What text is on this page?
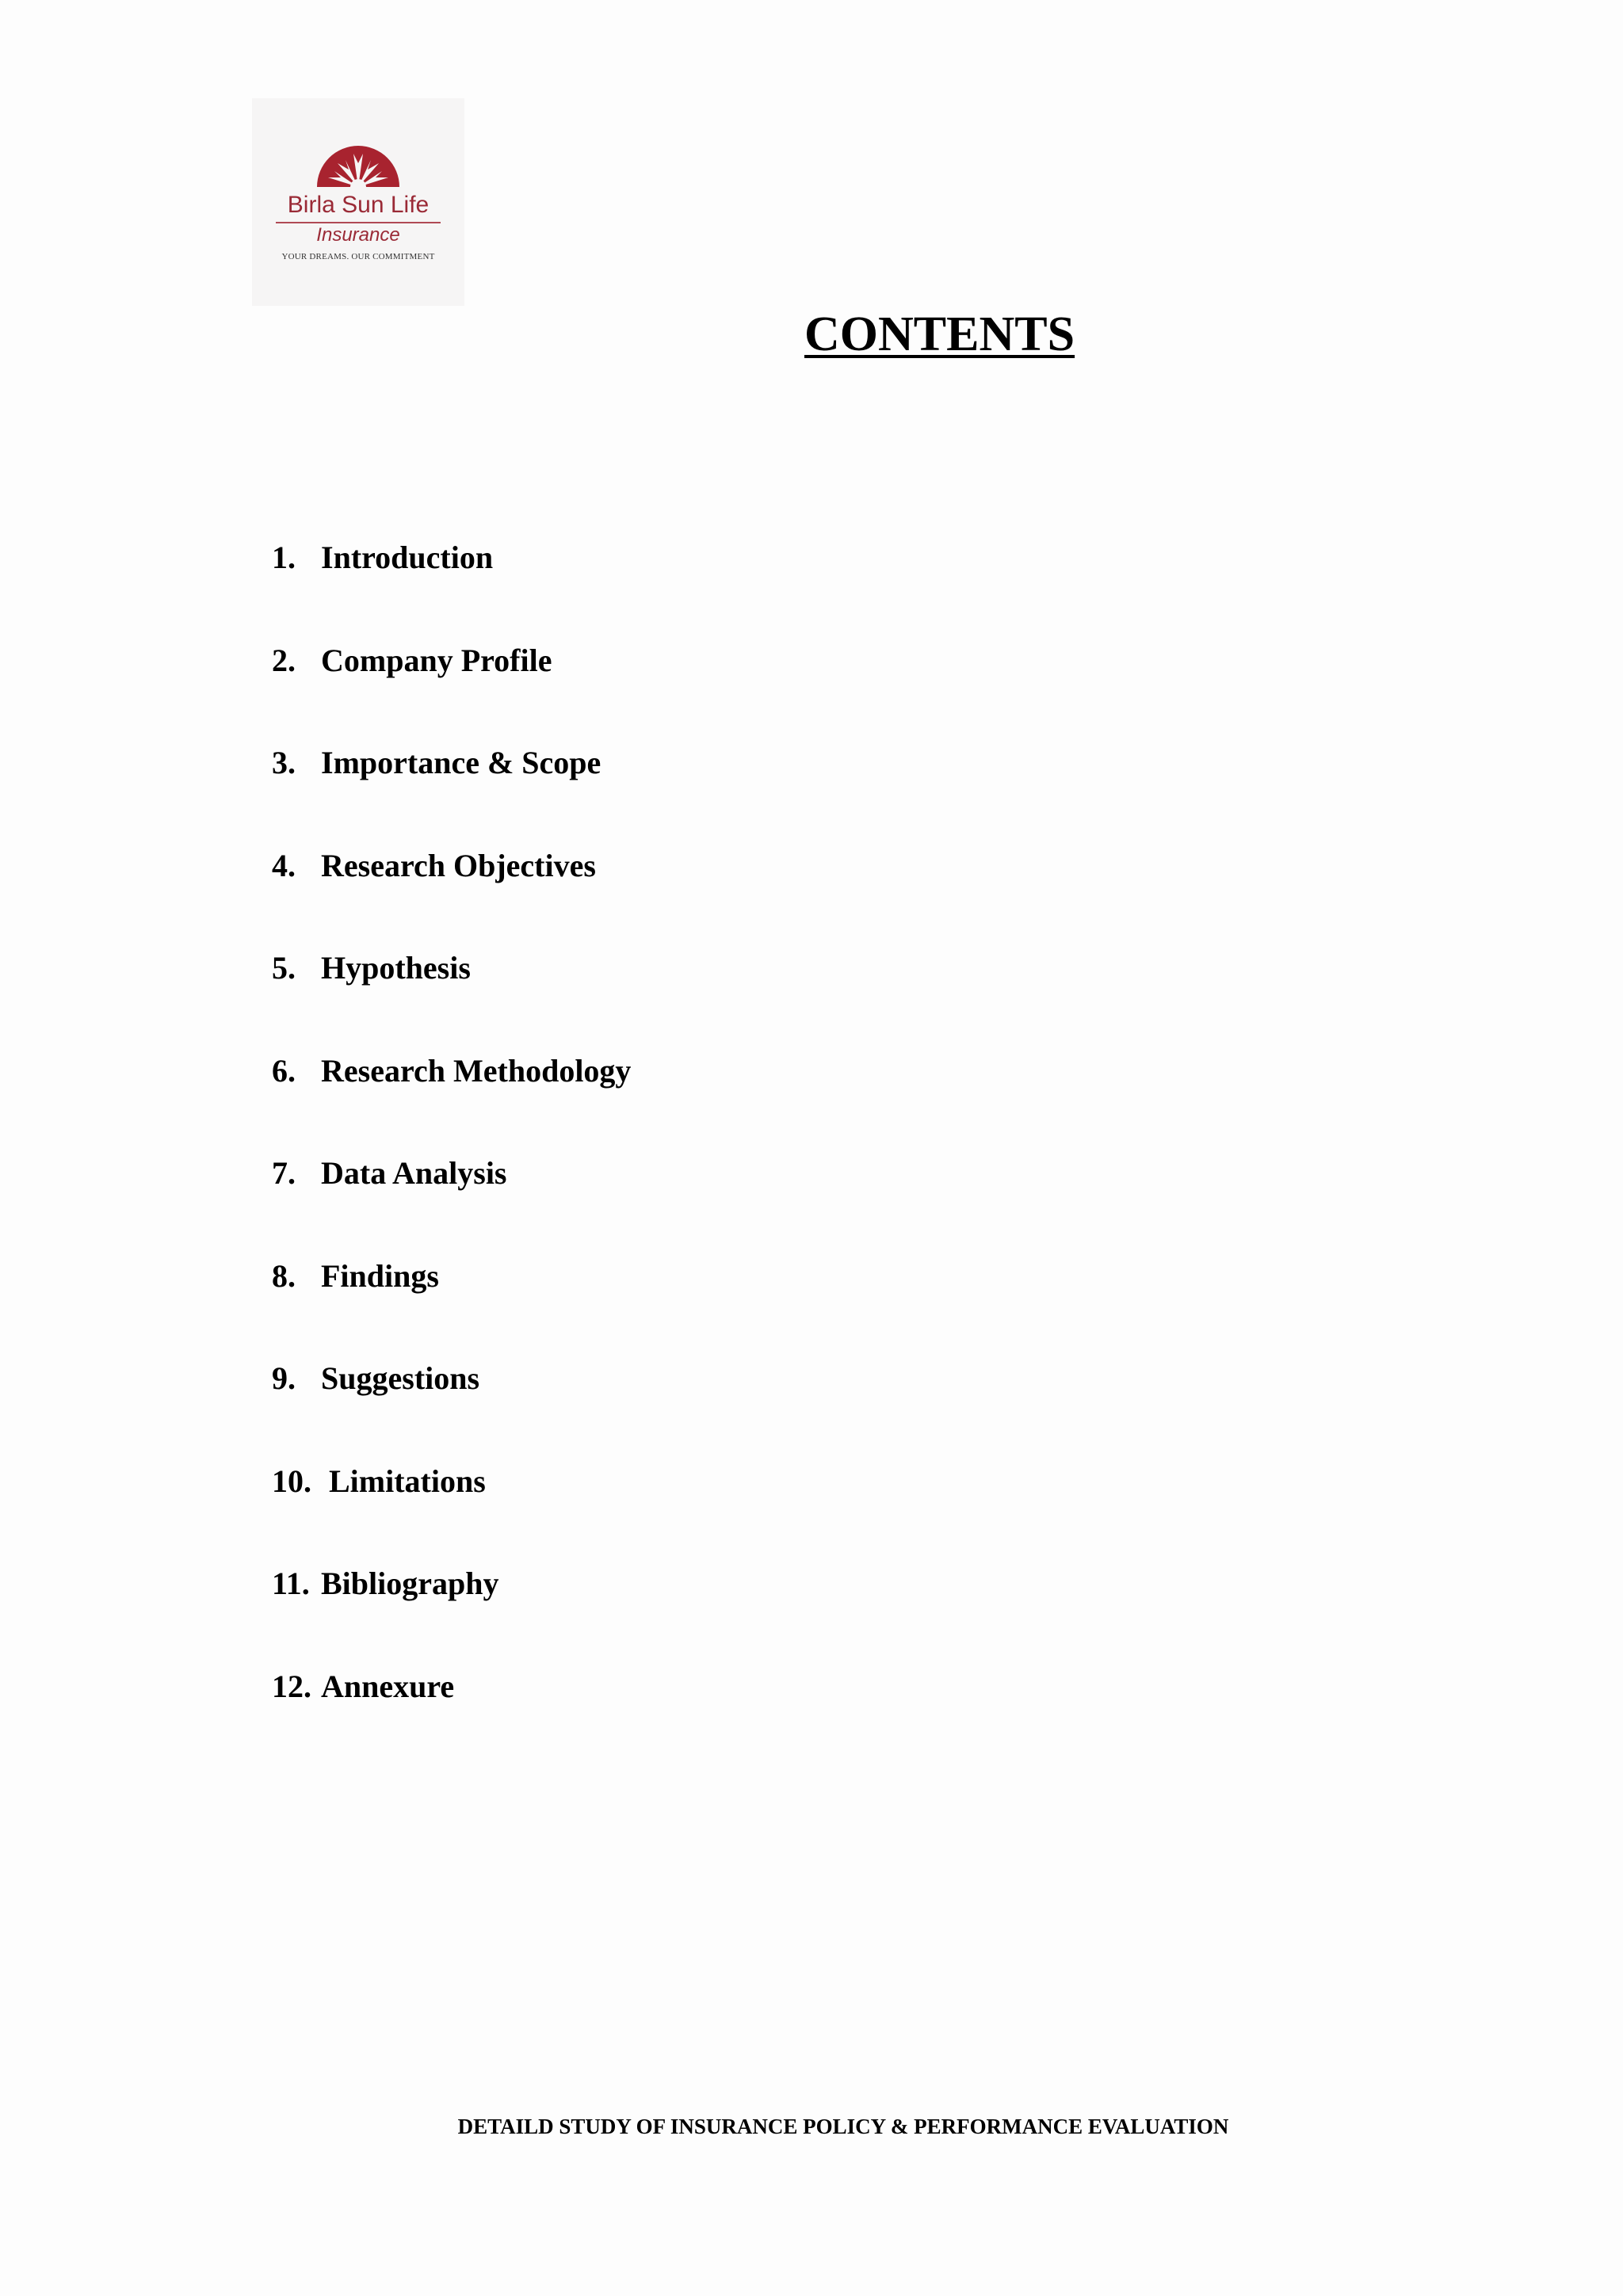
Birla Sun Life
Insurance
YOUR DREAMS. OUR COMMITMENT
CONTENTS
1. Introduction
2. Company Profile
3. Importance & Scope
4. Research Objectives
5. Hypothesis
6. Research Methodology
7. Data Analysis
8. Findings
9. Suggestions
10. Limitations
11. Bibliography
12. Annexure
DETAILD STUDY OF INSURANCE POLICY & PERFORMANCE EVALUATION
